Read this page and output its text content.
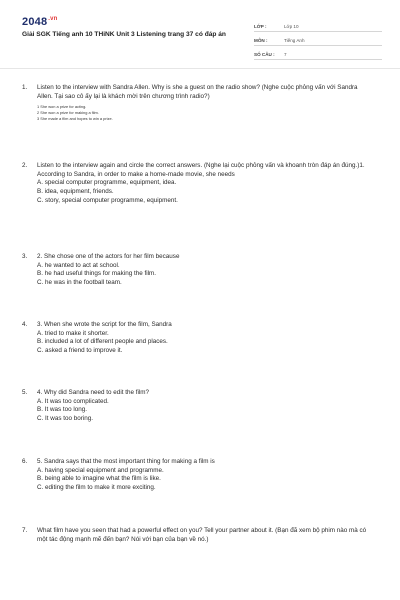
$2048^{.vn}$
Giải SGK Tiếng anh 10 THiNK Unit 3 Listening trang 37 có đáp án
LỚP :	Lớp 10
MÔN :	Tiếng Anh
SỐ CÂU :	7
1.	Listen to the interview with Sandra Allen. Why is she a guest on the radio show? (Nghe cuộc phỏng vấn với Sandra Allen. Tại sao cô ấy lại là khách mời trên chương trình radio?)

1 She won a prize for acting.
2 She won a prize for making a film.
3 She made a film and hopes to win a prize.
2.	Listen to the interview again and circle the correct answers. (Nghe lại cuộc phỏng vấn và khoanh tròn đáp án đúng.)1. According to Sandra, in order to make a home-made movie, she needs

A. special computer programme, equipment, idea.

B. idea, equipment, friends.

C. story, special computer programme, equipment.

3.	2. She chose one of the actors for her film because

A. he wanted to act at school.

B. he had useful things for making the film.

C. he was in the football team.

4.	3. When she wrote the script for the film, Sandra

A. tried to make it shorter.

B. included a lot of different people and places.

C. asked a friend to improve it.

5.	4. Why did Sandra need to edit the film?

A. It was too complicated.

B. It was too long.

C. It was too boring.

6.	5. Sandra says that the most important thing for making a film is

A. having special equipment and programme.

B. being able to imagine what the film is like.

C. editing the film to make it more exciting.

7.	What film have you seen that had a powerful effect on you? Tell your partner about it. (Bạn đã xem bộ phim nào mà có một tác động mạnh mẽ đến bạn? Nói với bạn của bạn về nó.)
